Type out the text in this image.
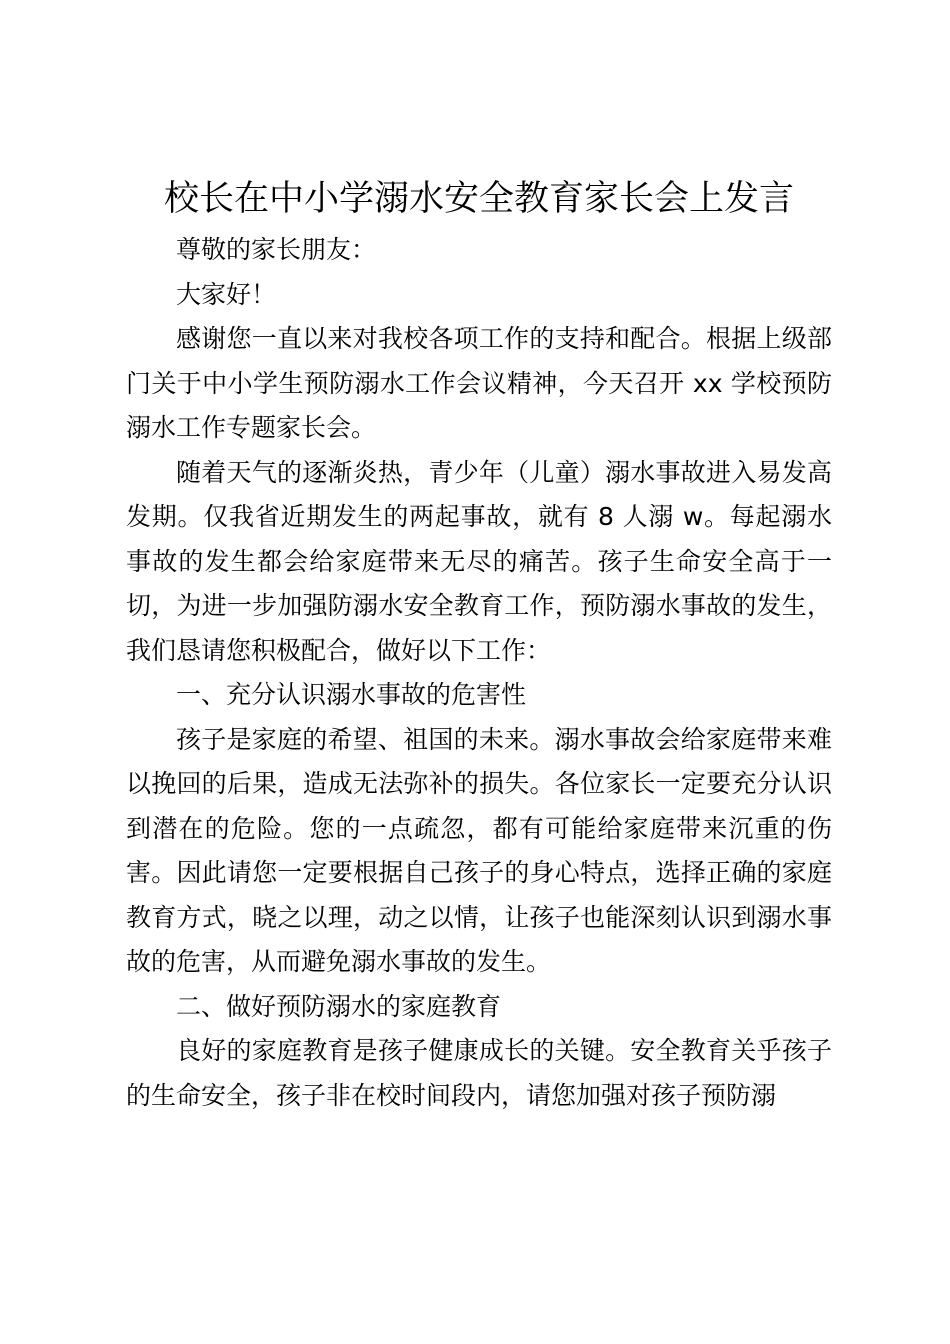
校长在中小学溺水安全教育家长会上发言

尊敬的家长朋友：

大家好！

感谢您一直以来对我校各项工作的支持和配合。根据上级部门关于中小学生预防溺水工作会议精神，今天召开 xx 学校预防溺水工作专题家长会。

随着天气的逐渐炎热，青少年（儿童）溺水事故进入易发高发期。仅我省近期发生的两起事故，就有 8 人溺 w。每起溺水事故的发生都会给家庭带来无尽的痛苦。孩子生命安全高于一切，为进一步加强防溺水安全教育工作，预防溺水事故的发生，我们恳请您积极配合，做好以下工作：

一、充分认识溺水事故的危害性

孩子是家庭的希望、祖国的未来。溺水事故会给家庭带来难以挽回的后果，造成无法弥补的损失。各位家长一定要充分认识到潜在的危险。您的一点疏忽，都有可能给家庭带来沉重的伤害。因此请您一定要根据自己孩子的身心特点，选择正确的家庭教育方式，晓之以理，动之以情，让孩子也能深刻认识到溺水事故的危害，从而避免溺水事故的发生。

二、做好预防溺水的家庭教育

良好的家庭教育是孩子健康成长的关键。安全教育关乎孩子的生命安全，孩子非在校时间段内，请您加强对孩子预防溺
